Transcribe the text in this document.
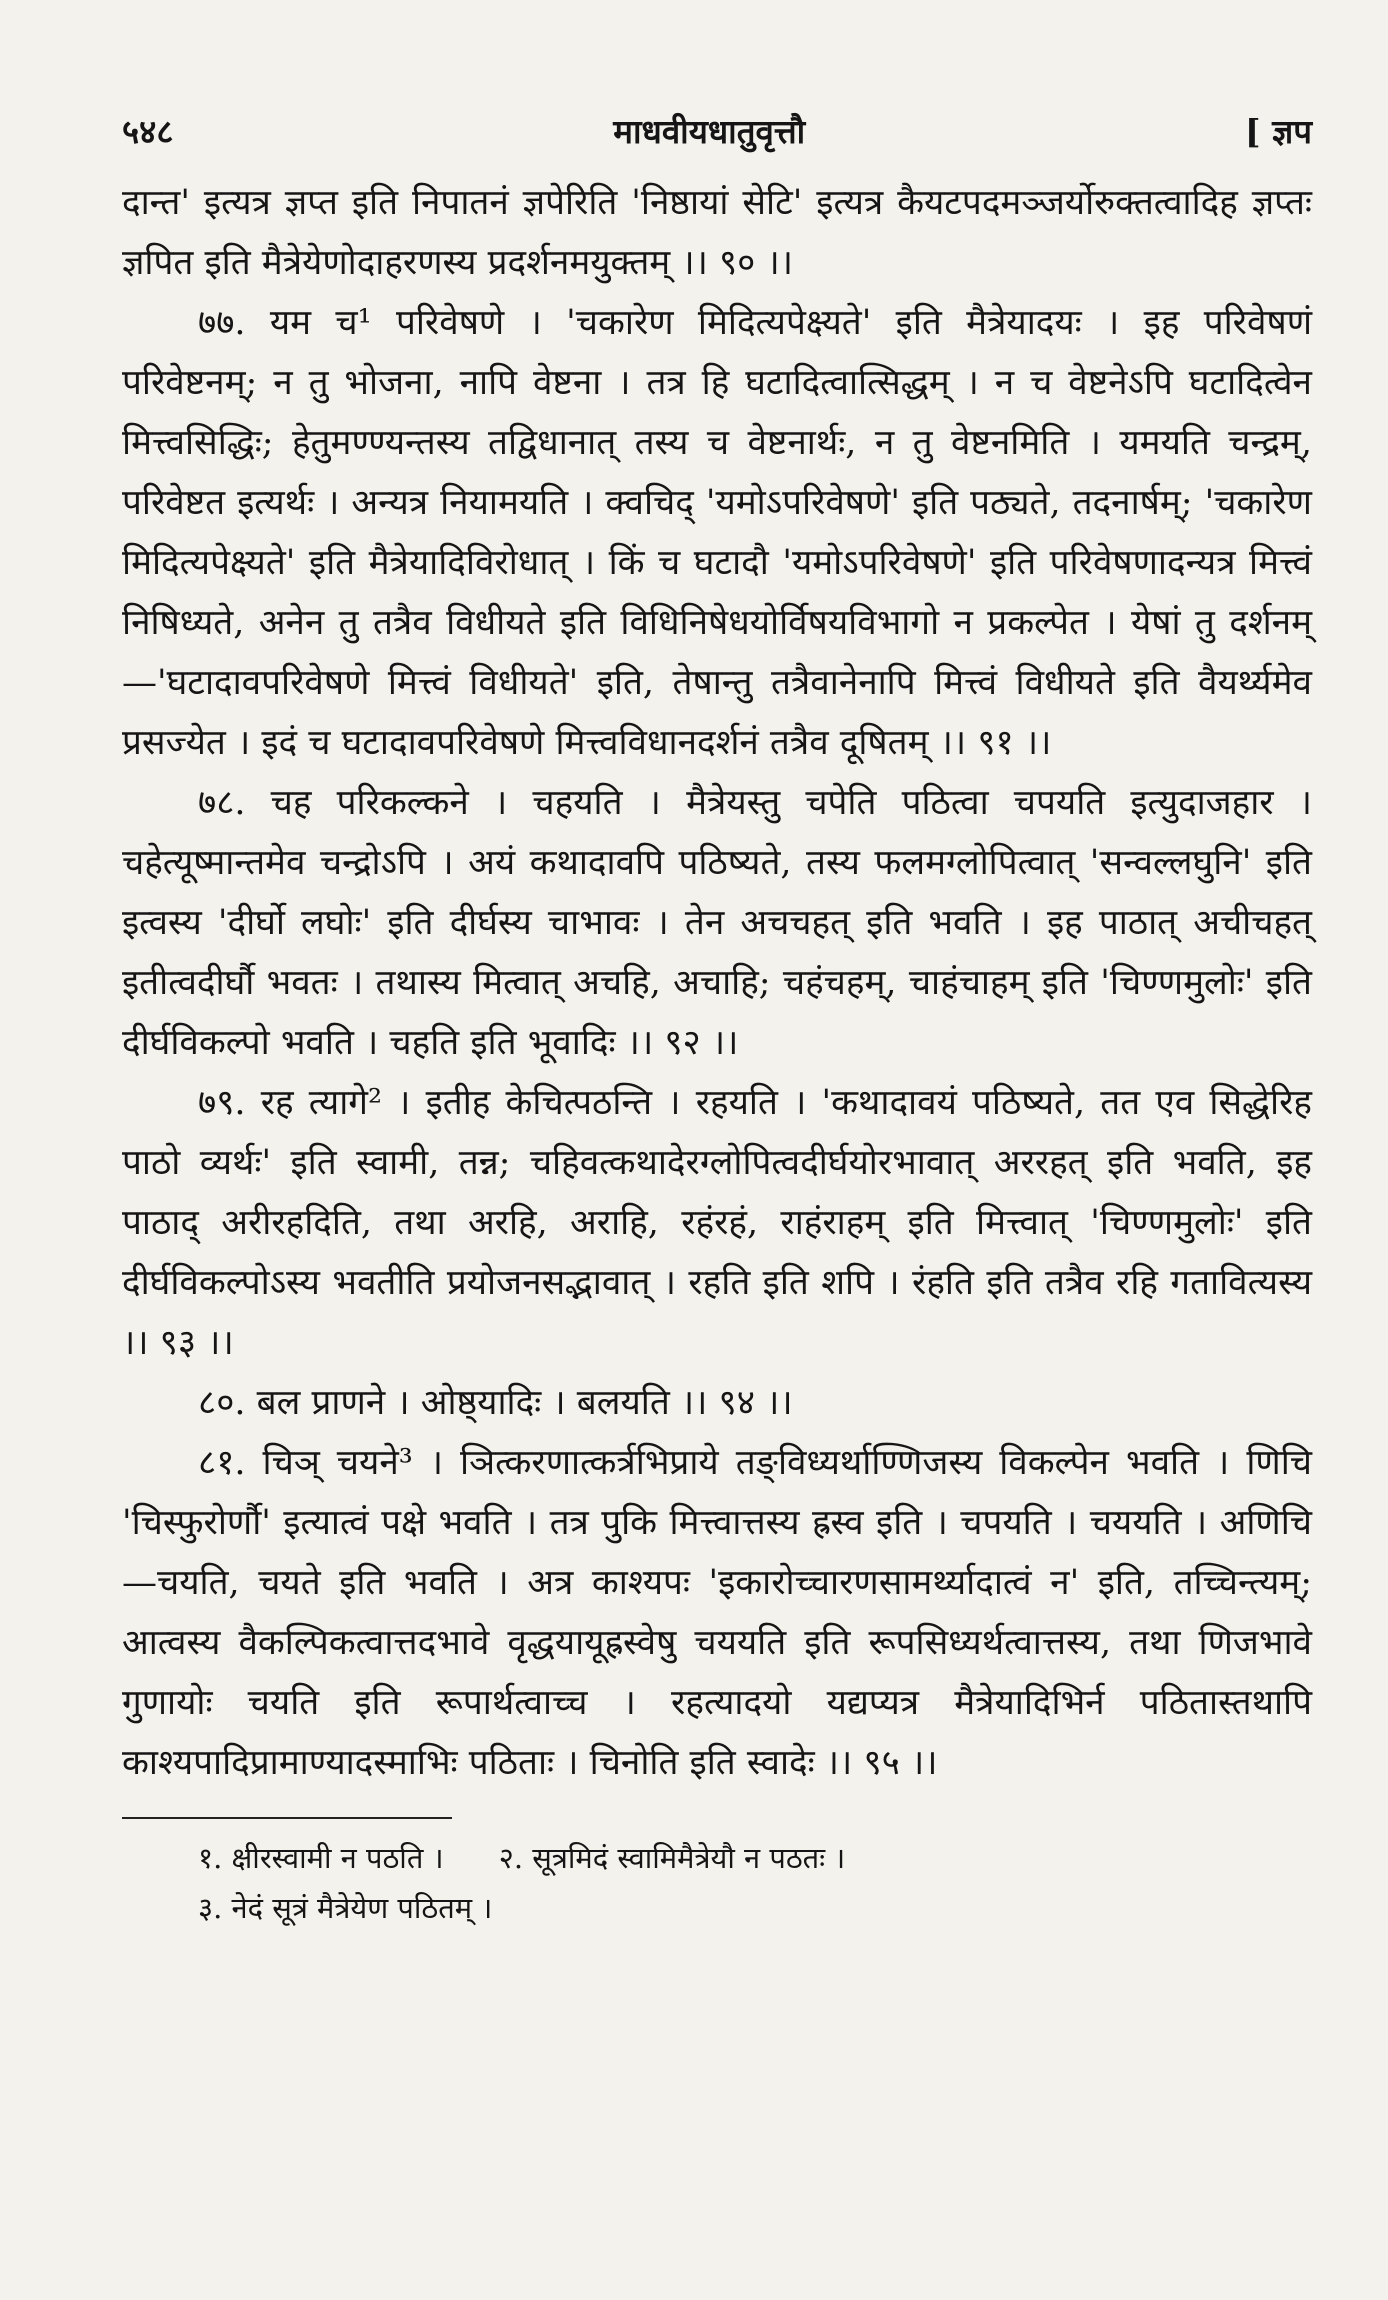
५४८	माधवीयधातुवृत्तौ	[ ज्ञप

दान्त' इत्यत्र ज्ञप्त इति निपातनं ज्ञपेरिति 'निष्ठायां सेटि' इत्यत्र कैयटपदमञ्जर्योरुक्तत्वादिह ज्ञप्तः ज्ञपित इति मैत्रेयेणोदाहरणस्य प्रदर्शनमयुक्तम् ।। ९० ।।

७७. यम च¹ परिवेषणे । 'चकारेण मिदित्यपेक्ष्यते' इति मैत्रेयादयः । इह परिवेषणं परिवेष्टनम्; न तु भोजना, नापि वेष्टना । तत्र हि घटादित्वात्सिद्धम् । न च वेष्टनेऽपि घटादित्वेन मित्त्वसिद्धिः; हेतुमण्ण्यन्तस्य तद्विधानात् तस्य च वेष्टनार्थः, न तु वेष्टनमिति । यमयति चन्द्रम्, परिवेष्टत इत्यर्थः । अन्यत्र नियामयति । क्वचिद् 'यमोऽपरिवेषणे' इति पठ्यते, तदनार्षम्; 'चकारेण मिदित्यपेक्ष्यते' इति मैत्रेयादिविरोधात् । किं च घटादौ 'यमोऽपरिवेषणे' इति परिवेषणादन्यत्र मित्त्वं निषिध्यते, अनेन तु तत्रैव विधीयते इति विधिनिषेधयोर्विषयविभागो न प्रकल्पेत । येषां तु दर्शनम्—'घटादावपरिवेषणे मित्त्वं विधीयते' इति, तेषान्तु तत्रैवानेनापि मित्त्वं विधीयते इति वैयर्थ्यमेव प्रसज्येत । इदं च घटादावपरिवेषणे मित्त्वविधानदर्शनं तत्रैव दूषितम् ।। ९१ ।।

७८. चह परिकल्कने । चहयति । मैत्रेयस्तु चपेति पठित्वा चपयति इत्युदाजहार । चहेत्यूष्मान्तमेव चन्द्रोऽपि । अयं कथादावपि पठिष्यते, तस्य फलमग्लोपित्वात् 'सन्वल्लघुनि' इति इत्वस्य 'दीर्घो लघोः' इति दीर्घस्य चाभावः । तेन अचचहत् इति भवति । इह पाठात् अचीचहत् इतीत्वदीर्घौ भवतः । तथास्य मित्वात् अचहि, अचाहि; चहंचहम्, चाहंचाहम् इति 'चिण्णमुलोः' इति दीर्घविकल्पो भवति । चहति इति भूवादिः ।। ९२ ।।

७९. रह त्यागे² । इतीह केचित्पठन्ति । रहयति । 'कथादावयं पठिष्यते, तत एव सिद्धेरिह पाठो व्यर्थः' इति स्वामी, तन्न; चहिवत्कथादेरग्लोपित्वदीर्घयोरभावात् अररहत् इति भवति, इह पाठाद् अरीरहदिति, तथा अरहि, अराहि, रहंरहं, राहंराहम् इति मित्त्वात् 'चिण्णमुलोः' इति दीर्घविकल्पोऽस्य भवतीति प्रयोजनसद्भावात् । रहति इति शपि । रंहति इति तत्रैव रहि गतावित्यस्य ।। ९३ ।।

८०. बल प्राणने । ओष्ठ्यादिः । बलयति ।। ९४ ।।

८१. चिञ् चयने³ । ञित्करणात्कर्त्रभिप्राये तङ्विध्यर्थाण्णिजस्य विकल्पेन भवति । णिचि 'चिस्फुरोर्णौ' इत्यात्वं पक्षे भवति । तत्र पुकि मित्त्वात्तस्य ह्रस्व इति । चपयति । चययति । अणिचि—चयति, चयते इति भवति । अत्र काश्यपः 'इकारोच्चारणसामर्थ्यादात्वं न' इति, तच्चिन्त्यम्; आत्वस्य वैकल्पिकत्वात्तदभावे वृद्धयायूह्रस्वेषु चययति इति रूपसिध्यर्थत्वात्तस्य, तथा णिजभावे गुणायोः चयति इति रूपार्थत्वाच्च । रहत्यादयो यद्यप्यत्र मैत्रेयादिभिर्न पठितास्तथापि काश्यपादिप्रामाण्यादस्माभिः पठिताः । चिनोति इति स्वादेः ।। ९५ ।।

१. क्षीरस्वामी न पठति । २. सूत्रमिदं स्वामिमैत्रेयौ न पठतः ।

३. नेदं सूत्रं मैत्रेयेण पठितम् ।
